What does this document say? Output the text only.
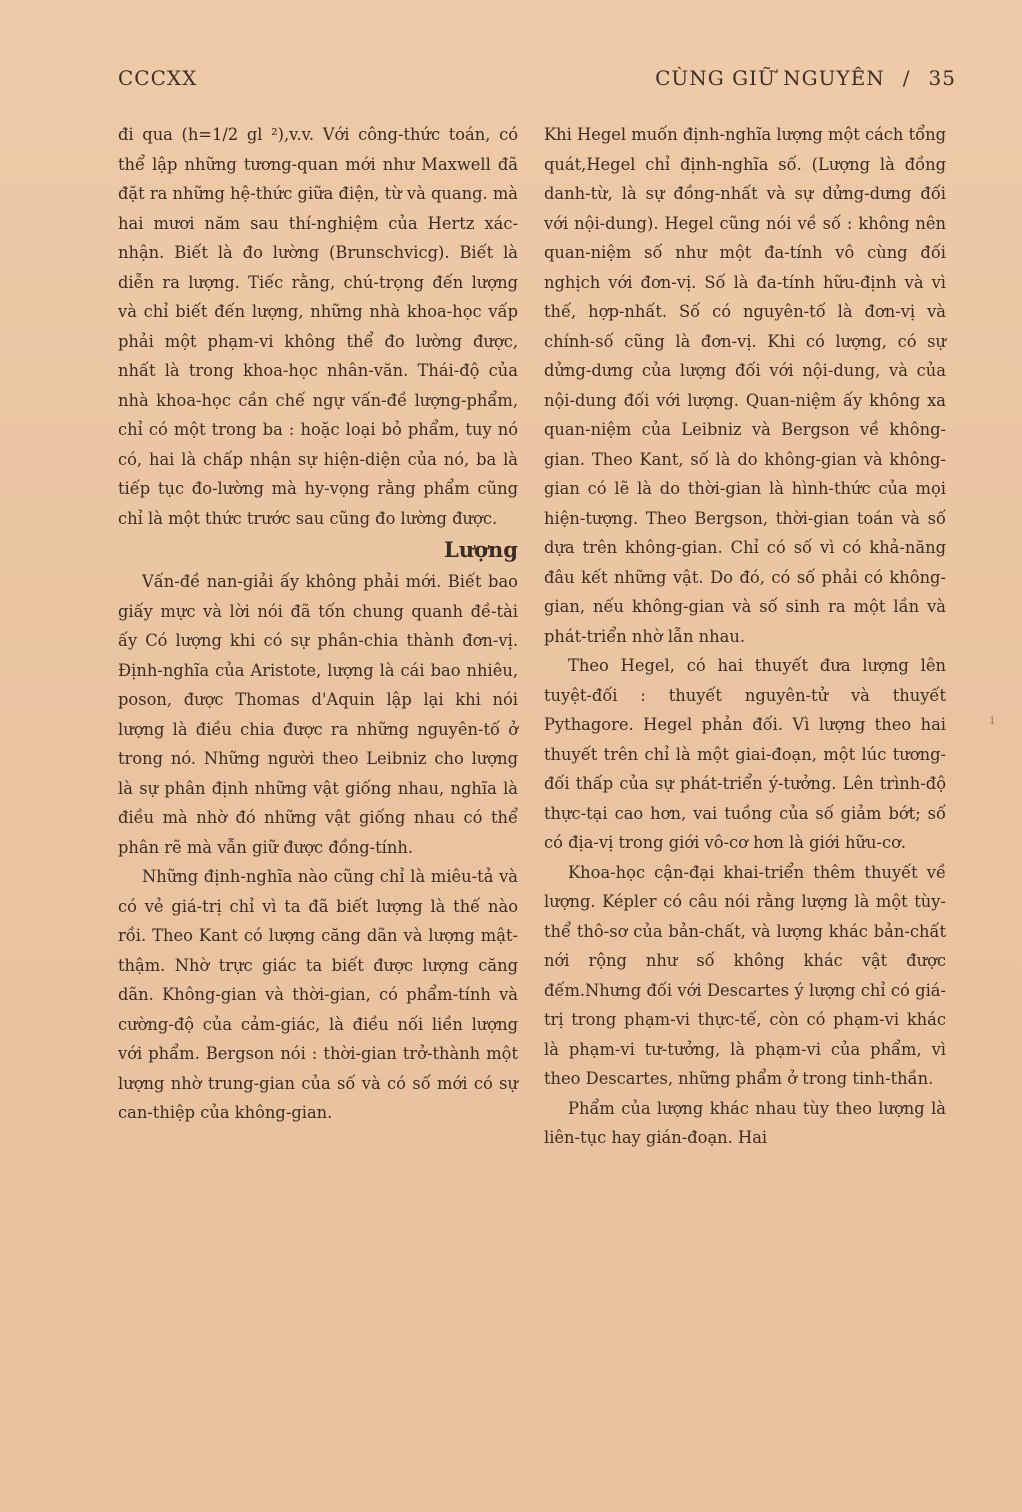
CCCXX	CÙNG GIỮ NGUYÊN / 35

đi qua (h=1/2 gl ²),v.v. Với công-thức toán, có thể lập những tương-quan mới như Maxwell đã đặt ra những hệ-thức giữa điện, từ và quang. mà hai mươi năm sau thí-nghiệm của Hertz xác-nhận. Biết là đo lường (Brunschvicg). Biết là diễn ra lượng. Tiếc rằng, chú-trọng đến lượng và chỉ biết đến lượng, những nhà khoa-học vấp phải một phạm-vi không thể đo lường được, nhất là trong khoa-học nhân-văn. Thái-độ của nhà khoa-học cần chế ngự vấn-đề lượng-phẩm, chỉ có một trong ba : hoặc loại bỏ phẩm, tuy nó có, hai là chấp nhận sự hiện-diện của nó, ba là tiếp tục đo-lường mà hy-vọng rằng phẩm cũng chỉ là một thức trước sau cũng đo lường được.

Lượng

Vấn-đề nan-giải ấy không phải mới. Biết bao giấy mực và lời nói đã tốn chung quanh đề-tài ấy Có lượng khi có sự phân-chia thành đơn-vị. Định-nghĩa của Aristote, lượng là cái bao nhiêu, poson, được Thomas d'Aquin lập lại khi nói lượng là điều chia được ra những nguyên-tố ở trong nó. Những người theo Leibniz cho lượng là sự phân định những vật giống nhau, nghĩa là điều mà nhờ đó những vật giống nhau có thể phân rẽ mà vẫn giữ được đồng-tính.

Những định-nghĩa nào cũng chỉ là miêu-tả và có vẻ giá-trị chỉ vì ta đã biết lượng là thế nào rồi. Theo Kant có lượng căng dãn và lượng mật-thậm. Nhờ trực giác ta biết được lượng căng dãn. Không-gian và thời-gian, có phẩm-tính và cường-độ của cảm-giác, là điều nối liền lượng với phẩm. Bergson nói : thời-gian trở-thành một lượng nhờ trung-gian của số và có số mới có sự can-thiệp của không-gian.

Khi Hegel muốn định-nghĩa lượng một cách tổng quát,Hegel chỉ định-nghĩa số. (Lượng là đồng danh-từ, là sự đồng-nhất và sự dửng-dưng đối với nội-dung). Hegel cũng nói về số : không nên quan-niệm số như một đa-tính vô cùng đối nghịch với đơn-vị. Số là đa-tính hữu-định và vì thế, hợp-nhất. Số có nguyên-tố là đơn-vị và chính-số cũng là đơn-vị. Khi có lượng, có sự dửng-dưng của lượng đối với nội-dung, và của nội-dung đối với lượng. Quan-niệm ấy không xa quan-niệm của Leibniz và Bergson về không-gian. Theo Kant, số là do không-gian và không-gian có lẽ là do thời-gian là hình-thức của mọi hiện-tượng. Theo Bergson, thời-gian toán và số dựa trên không-gian. Chỉ có số vì có khả-năng đâu kết những vật. Do đó, có số phải có không-gian, nếu không-gian và số sinh ra một lần và phát-triển nhờ lẫn nhau.

Theo Hegel, có hai thuyết đưa lượng lên tuyệt-đối : thuyết nguyên-tử và thuyết Pythagore. Hegel phản đối. Vì lượng theo hai thuyết trên chỉ là một giai-đoạn, một lúc tương-đối thấp của sự phát-triển ý-tưởng. Lên trình-độ thực-tại cao hơn, vai tuồng của số giảm bớt; số có địa-vị trong giới vô-cơ hơn là giới hữu-cơ.

Khoa-học cận-đại khai-triển thêm thuyết về lượng. Képler có câu nói rằng lượng là một tùy-thể thô-sơ của bản-chất, và lượng khác bản-chất nới rộng như số không khác vật được đếm.Nhưng đối với Descartes ý lượng chỉ có giá-trị trong phạm-vi thực-tế, còn có phạm-vi khác là phạm-vi tư-tưởng, là phạm-vi của phẩm, vì theo Descartes, những phẩm ở trong tinh-thần.

Phẩm của lượng khác nhau tùy theo lượng là liên-tục hay gián-đoạn. Hai

ı
